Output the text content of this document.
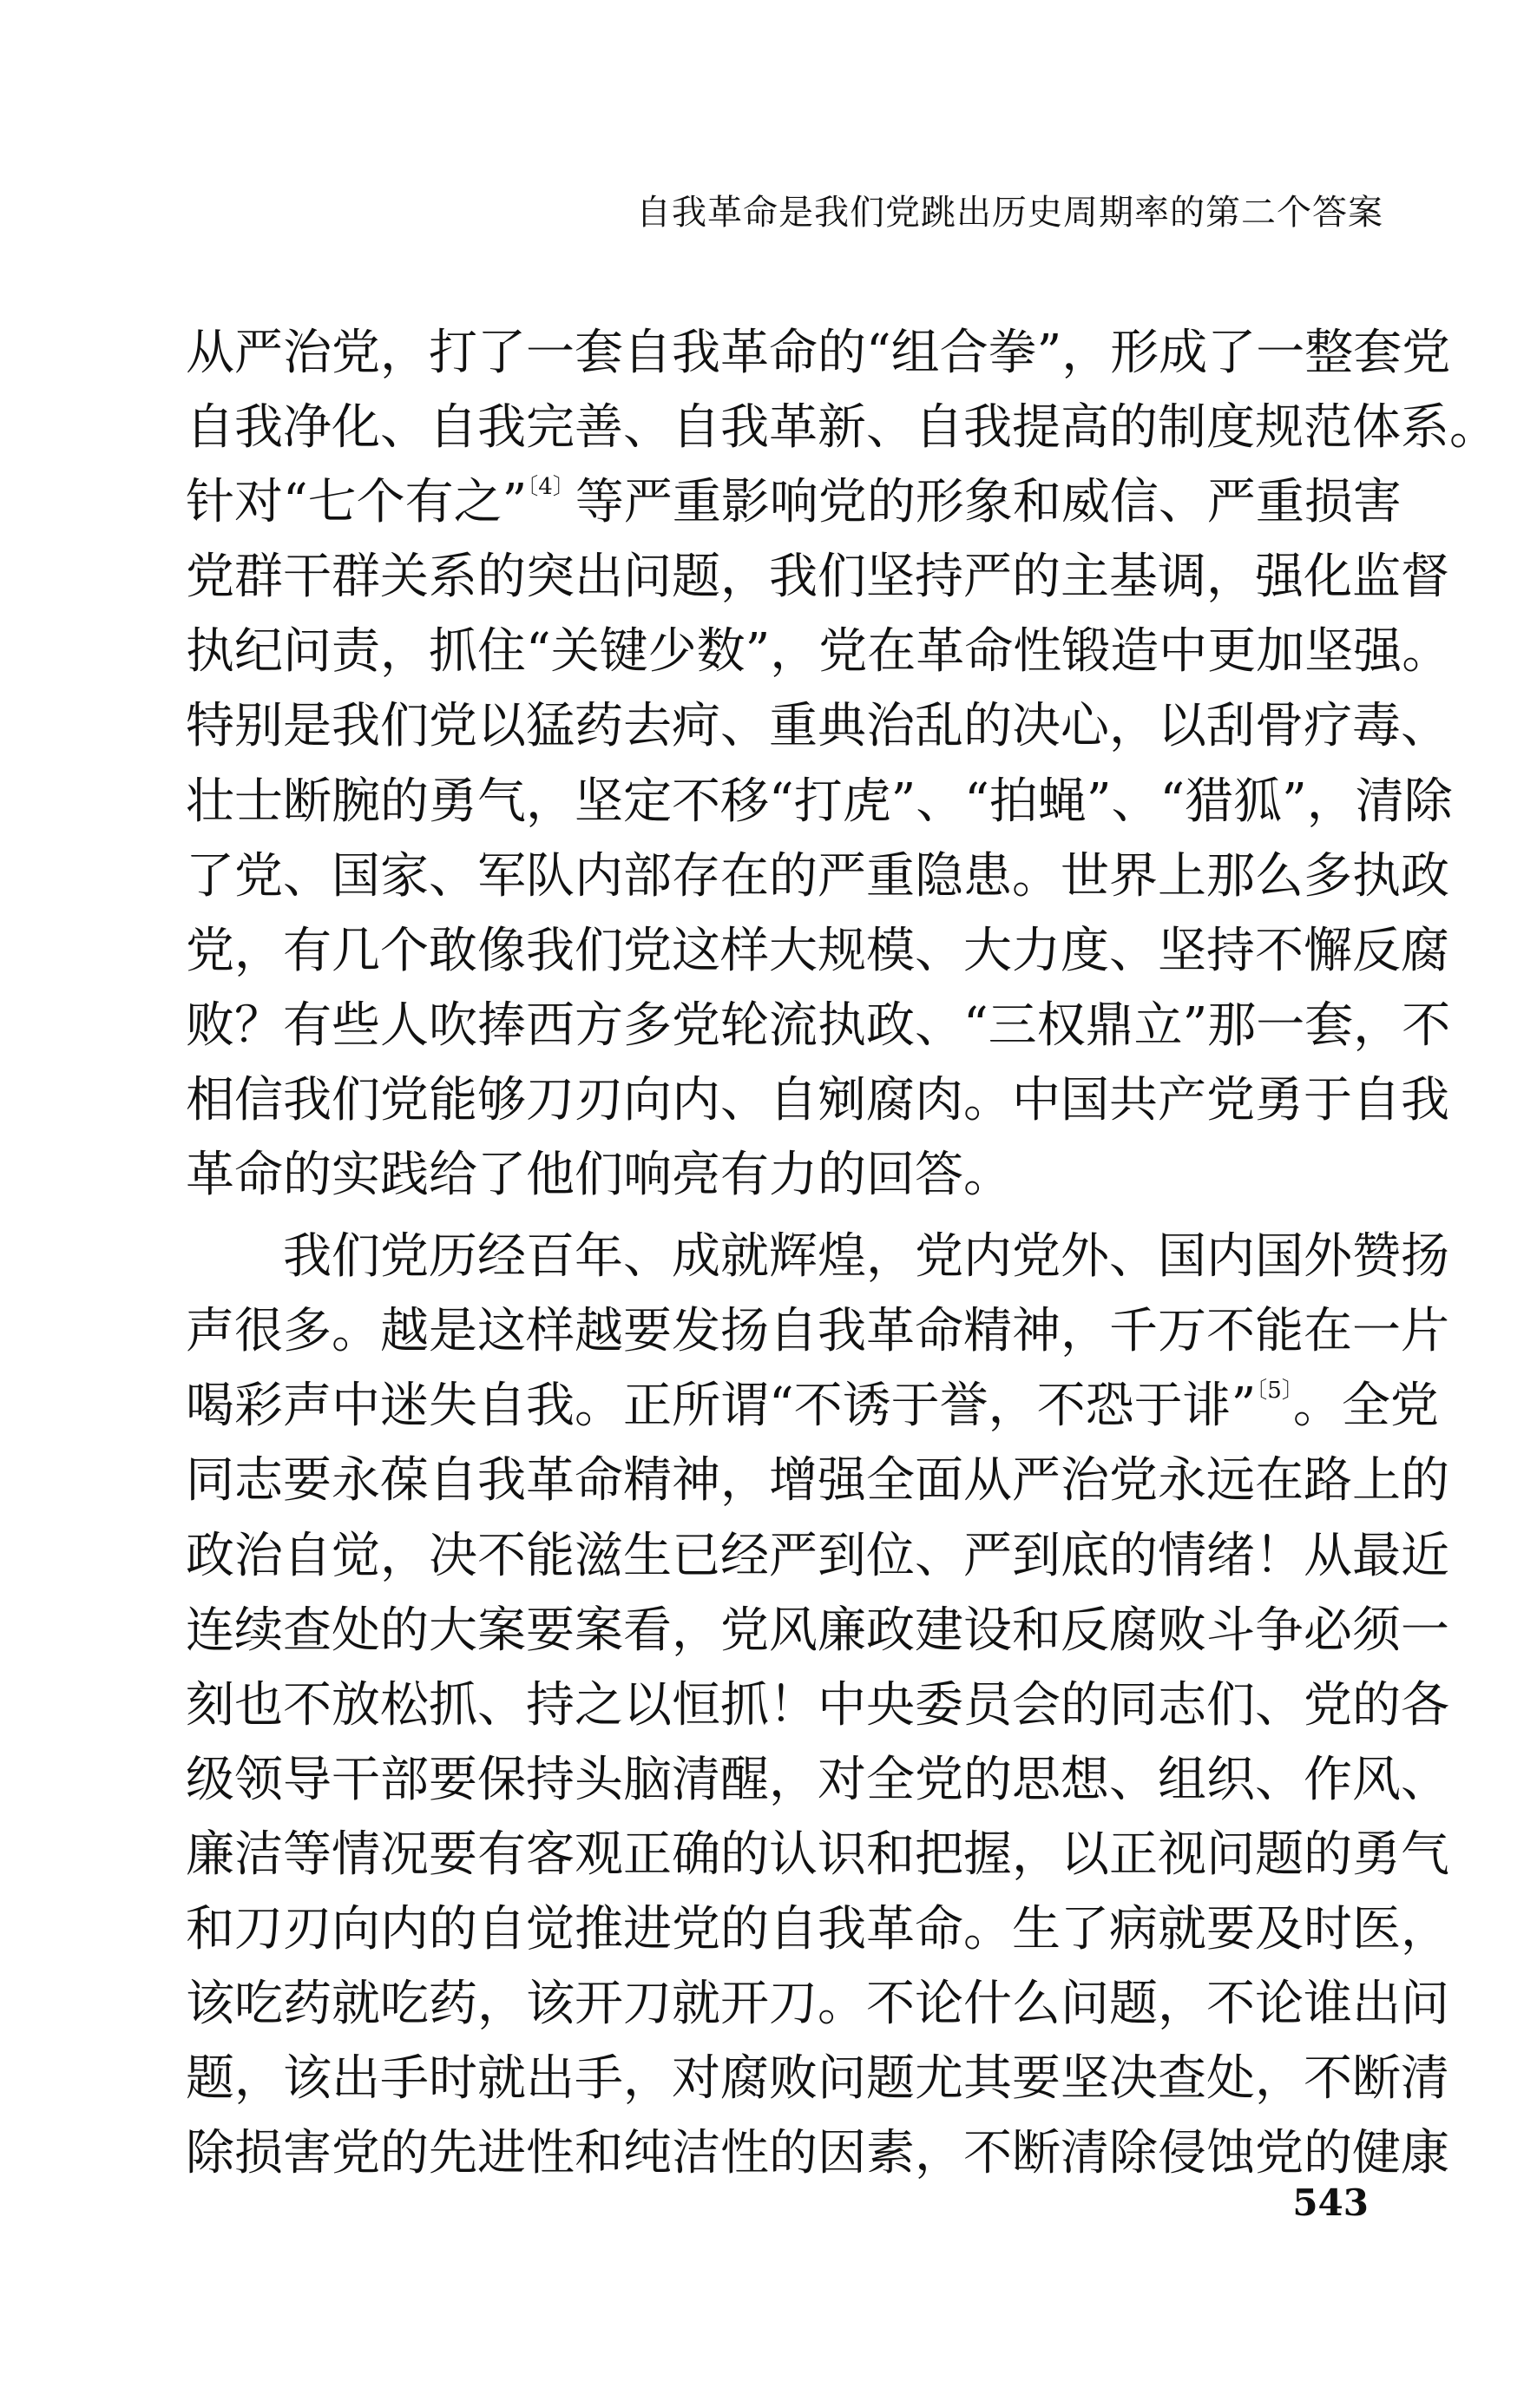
自我革命是我们党跳出历史周期率的第二个答案
从严治党，打了一套自我革命的“组合拳”，形成了一整套党
自我净化、自我完善、自我革新、自我提高的制度规范体系。
针对“七个有之”$^{〔4〕}$等严重影响党的形象和威信、严重损害
党群干群关系的突出问题，我们坚持严的主基调，强化监督
执纪问责，抓住“关键少数”，党在革命性锻造中更加坚强。
特别是我们党以猛药去疴、重典治乱的决心，以刮骨疗毒、
壮士断腕的勇气，坚定不移“打虎”、“拍蝇”、“猎狐”，清除
了党、国家、军队内部存在的严重隐患。世界上那么多执政
党，有几个敢像我们党这样大规模、大力度、坚持不懈反腐
败？有些人吹捧西方多党轮流执政、“三权鼎立”那一套，不
相信我们党能够刀刃向内、自剜腐肉。中国共产党勇于自我
革命的实践给了他们响亮有力的回答。
我们党历经百年、成就辉煌，党内党外、国内国外赞扬
声很多。越是这样越要发扬自我革命精神，千万不能在一片
喝彩声中迷失自我。正所谓“不诱于誉，不恐于诽”$^{〔5〕}$。全党
同志要永葆自我革命精神，增强全面从严治党永远在路上的
政治自觉，决不能滋生已经严到位、严到底的情绪！从最近
连续查处的大案要案看，党风廉政建设和反腐败斗争必须一
刻也不放松抓、持之以恒抓！中央委员会的同志们、党的各
级领导干部要保持头脑清醒，对全党的思想、组织、作风、
廉洁等情况要有客观正确的认识和把握，以正视问题的勇气
和刀刃向内的自觉推进党的自我革命。生了病就要及时医，
该吃药就吃药，该开刀就开刀。不论什么问题，不论谁出问
题，该出手时就出手，对腐败问题尤其要坚决查处，不断清
除损害党的先进性和纯洁性的因素，不断清除侵蚀党的健康
543
